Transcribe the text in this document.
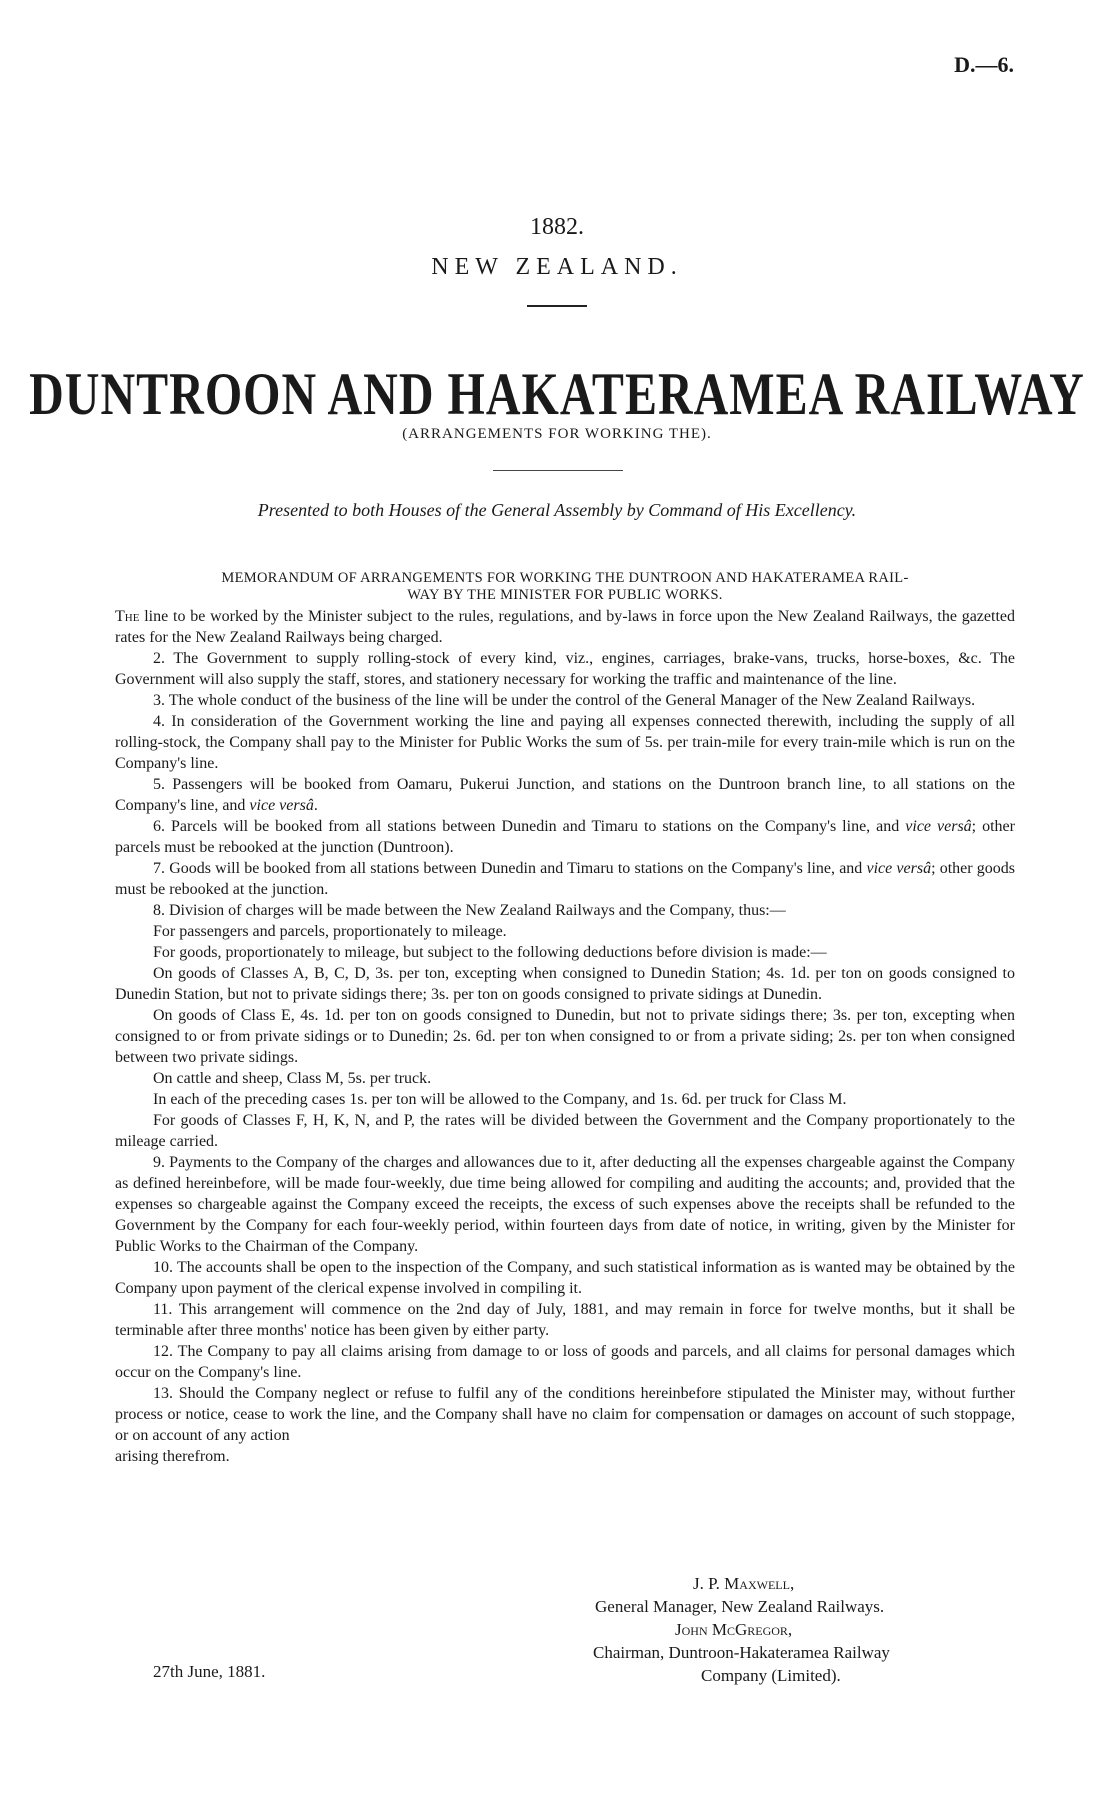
D.—6.
1882.
NEW ZEALAND.
DUNTROON AND HAKATERAMEA RAILWAY
(ARRANGEMENTS FOR WORKING THE).
Presented to both Houses of the General Assembly by Command of His Excellency.
MEMORANDUM OF ARRANGEMENTS FOR WORKING THE DUNTROON AND HAKATERAMEA RAIL-
WAY BY THE MINISTER FOR PUBLIC WORKS.

The line to be worked by the Minister subject to the rules, regulations, and by-laws in force upon the New Zealand Railways, the gazetted rates for the New Zealand Railways being charged.

2. The Government to supply rolling-stock of every kind, viz., engines, carriages, brake-vans, trucks, horse-boxes, &c. The Government will also supply the staff, stores, and stationery necessary for working the traffic and maintenance of the line.

3. The whole conduct of the business of the line will be under the control of the General Manager of the New Zealand Railways.

4. In consideration of the Government working the line and paying all expenses connected therewith, including the supply of all rolling-stock, the Company shall pay to the Minister for Public Works the sum of 5s. per train-mile for every train-mile which is run on the Company's line.

5. Passengers will be booked from Oamaru, Pukeruі Junction, and stations on the Duntroon branch line, to all stations on the Company's line, and vice versâ.

6. Parcels will be booked from all stations between Dunedin and Timaru to stations on the Company's line, and vice versâ; other parcels must be rebooked at the junction (Duntroon).

7. Goods will be booked from all stations between Dunedin and Timaru to stations on the Company's line, and vice versâ; other goods must be rebooked at the junction.

8. Division of charges will be made between the New Zealand Railways and the Company, thus:—

For passengers and parcels, proportionately to mileage.

For goods, proportionately to mileage, but subject to the following deductions before division is made:—

On goods of Classes A, B, C, D, 3s. per ton, excepting when consigned to Dunedin Station; 4s. 1d. per ton on goods consigned to Dunedin Station, but not to private sidings there; 3s. per ton on goods consigned to private sidings at Dunedin.

On goods of Class E, 4s. 1d. per ton on goods consigned to Dunedin, but not to private sidings there; 3s. per ton, excepting when consigned to or from private sidings or to Dunedin; 2s. 6d. per ton when consigned to or from a private siding; 2s. per ton when consigned between two private sidings.

On cattle and sheep, Class M, 5s. per truck.

In each of the preceding cases 1s. per ton will be allowed to the Company, and 1s. 6d. per truck for Class M.

For goods of Classes F, H, K, N, and P, the rates will be divided between the Government and the Company proportionately to the mileage carried.

9. Payments to the Company of the charges and allowances due to it, after deducting all the expenses chargeable against the Company as defined hereinbefore, will be made four-weekly, due time being allowed for compiling and auditing the accounts; and, provided that the expenses so chargeable against the Company exceed the receipts, the excess of such expenses above the receipts shall be refunded to the Government by the Company for each four-weekly period, within fourteen days from date of notice, in writing, given by the Minister for Public Works to the Chairman of the Company.

10. The accounts shall be open to the inspection of the Company, and such statistical information as is wanted may be obtained by the Company upon payment of the clerical expense involved in compiling it.

11. This arrangement will commence on the 2nd day of July, 1881, and may remain in force for twelve months, but it shall be terminable after three months' notice has been given by either party.

12. The Company to pay all claims arising from damage to or loss of goods and parcels, and all claims for personal damages which occur on the Company's line.

13. Should the Company neglect or refuse to fulfil any of the conditions hereinbefore stipulated the Minister may, without further process or notice, cease to work the line, and the Company shall have no claim for compensation or damages on account of such stoppage, or on account of any action

arising therefrom.

J. P. Maxwell,
General Manager, New Zealand Railways.
John McGregor,
Chairman, Duntroon-Hakateramea Railway
Company (Limited).
27th June, 1881.
